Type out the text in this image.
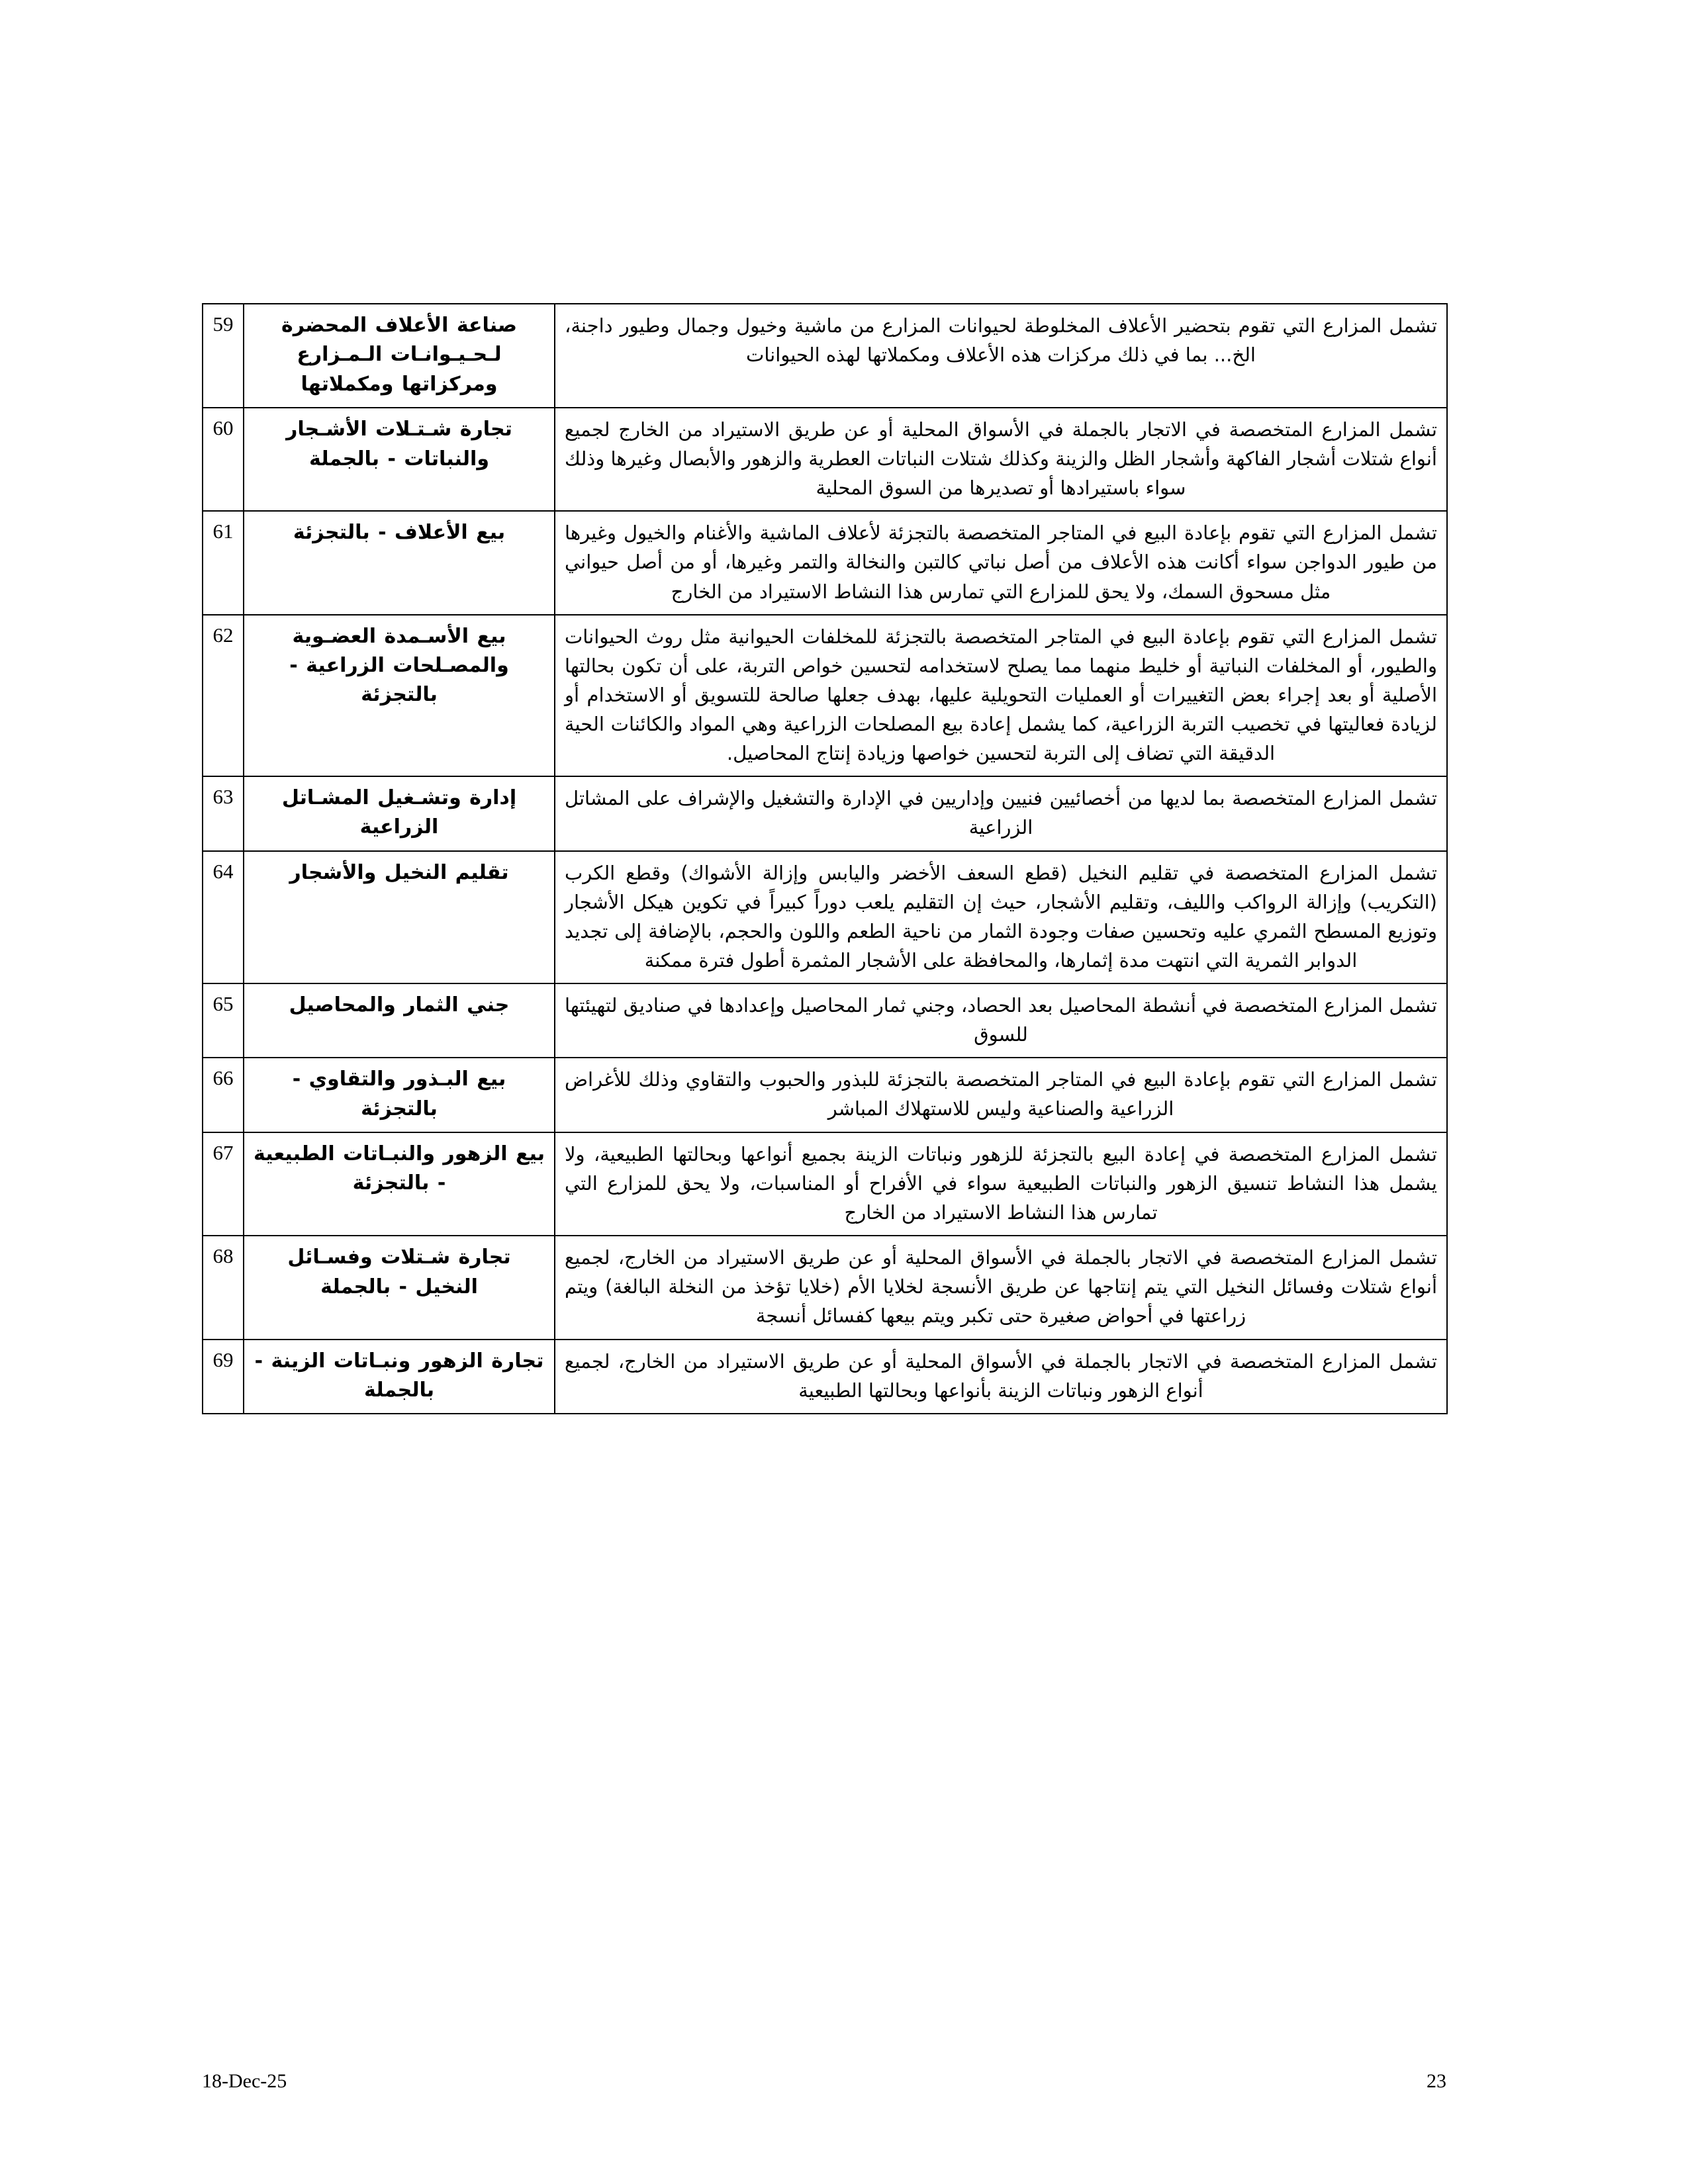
تشمل المزارع التي تقوم بتحضير الأعلاف المخلوطة لحيوانات المزارع من ماشية وخيول وجمال وطيور داجنة، الخ... بما في ذلك مركزات هذه الأعلاف ومكملاتها لهذه الحيوانات	صناعة الأعلاف المحضرة لـحـيـوانـات الـمـزارع ومركزاتها ومكملاتها	59
تشمل المزارع المتخصصة في الاتجار بالجملة في الأسواق المحلية أو عن طريق الاستيراد من الخارج لجميع أنواع شتلات أشجار الفاكهة وأشجار الظل والزينة وكذلك شتلات النباتات العطرية والزهور والأبصال وغيرها وذلك سواء باستيرادها أو تصديرها من السوق المحلية	تجارة شـتـلات الأشـجار والنباتات - بالجملة	60
تشمل المزارع التي تقوم بإعادة البيع في المتاجر المتخصصة بالتجزئة لأعلاف الماشية والأغنام والخيول وغيرها من طيور الدواجن سواء أكانت هذه الأعلاف من أصل نباتي كالتبن والنخالة والتمر وغيرها، أو من أصل حيواني مثل مسحوق السمك، ولا يحق للمزارع التي تمارس هذا النشاط الاستيراد من الخارج	بيع الأعلاف - بالتجزئة	61
تشمل المزارع التي تقوم بإعادة البيع في المتاجر المتخصصة بالتجزئة للمخلفات الحيوانية مثل روث الحيوانات والطيور، أو المخلفات النباتية أو خليط منهما مما يصلح لاستخدامه لتحسين خواص التربة، على أن تكون بحالتها الأصلية أو بعد إجراء بعض التغييرات أو العمليات التحويلية عليها، بهدف جعلها صالحة للتسويق أو الاستخدام أو لزيادة فعاليتها في تخصيب التربة الزراعية، كما يشمل إعادة بيع المصلحات الزراعية وهي المواد والكائنات الحية الدقيقة التي تضاف إلى التربة لتحسين خواصها وزيادة إنتاج المحاصيل.	بيع الأسـمدة العضـوية والمصـلحات الزراعية - بالتجزئة	62
تشمل المزارع المتخصصة بما لديها من أخصائيين فنيين وإداريين في الإدارة والتشغيل والإشراف على المشاتل الزراعية	إدارة وتشـغيل المشـاتل الزراعية	63
تشمل المزارع المتخصصة في تقليم النخيل (قطع السعف الأخضر واليابس وإزالة الأشواك) وقطع الكرب (التكريب) وإزالة الرواكب والليف، وتقليم الأشجار، حيث إن التقليم يلعب دوراً كبيراً في تكوين هيكل الأشجار وتوزيع المسطح الثمري عليه وتحسين صفات وجودة الثمار من ناحية الطعم واللون والحجم، بالإضافة إلى تجديد الدوابر الثمرية التي انتهت مدة إثمارها، والمحافظة على الأشجار المثمرة أطول فترة ممكنة	تقليم النخيل والأشجار	64
تشمل المزارع المتخصصة في أنشطة المحاصيل بعد الحصاد، وجني ثمار المحاصيل وإعدادها في صناديق لتهيئتها للسوق	جني الثمار والمحاصيل	65
تشمل المزارع التي تقوم بإعادة البيع في المتاجر المتخصصة بالتجزئة للبذور والحبوب والتقاوي وذلك للأغراض الزراعية والصناعية وليس للاستهلاك المباشر	بيع البـذور والتقاوي - بالتجزئة	66
تشمل المزارع المتخصصة في إعادة البيع بالتجزئة للزهور ونباتات الزينة بجميع أنواعها وبحالتها الطبيعية، ولا يشمل هذا النشاط تنسيق الزهور والنباتات الطبيعية سواء في الأفراح أو المناسبات، ولا يحق للمزارع التي تمارس هذا النشاط الاستيراد من الخارج	بيع الزهور والنبـاتات الطبيعية - بالتجزئة	67
تشمل المزارع المتخصصة في الاتجار بالجملة في الأسواق المحلية أو عن طريق الاستيراد من الخارج، لجميع أنواع شتلات وفسائل النخيل التي يتم إنتاجها عن طريق الأنسجة لخلايا الأم (خلايا تؤخذ من النخلة البالغة) ويتم زراعتها في أحواض صغيرة حتى تكبر ويتم بيعها كفسائل أنسجة	تجارة شـتلات وفسـائل النخيل - بالجملة	68
تشمل المزارع المتخصصة في الاتجار بالجملة في الأسواق المحلية أو عن طريق الاستيراد من الخارج، لجميع أنواع الزهور ونباتات الزينة بأنواعها وبحالتها الطبيعية	تجارة الزهور ونبـاتات الزينة - بالجملة	69
18-Dec-25	23
